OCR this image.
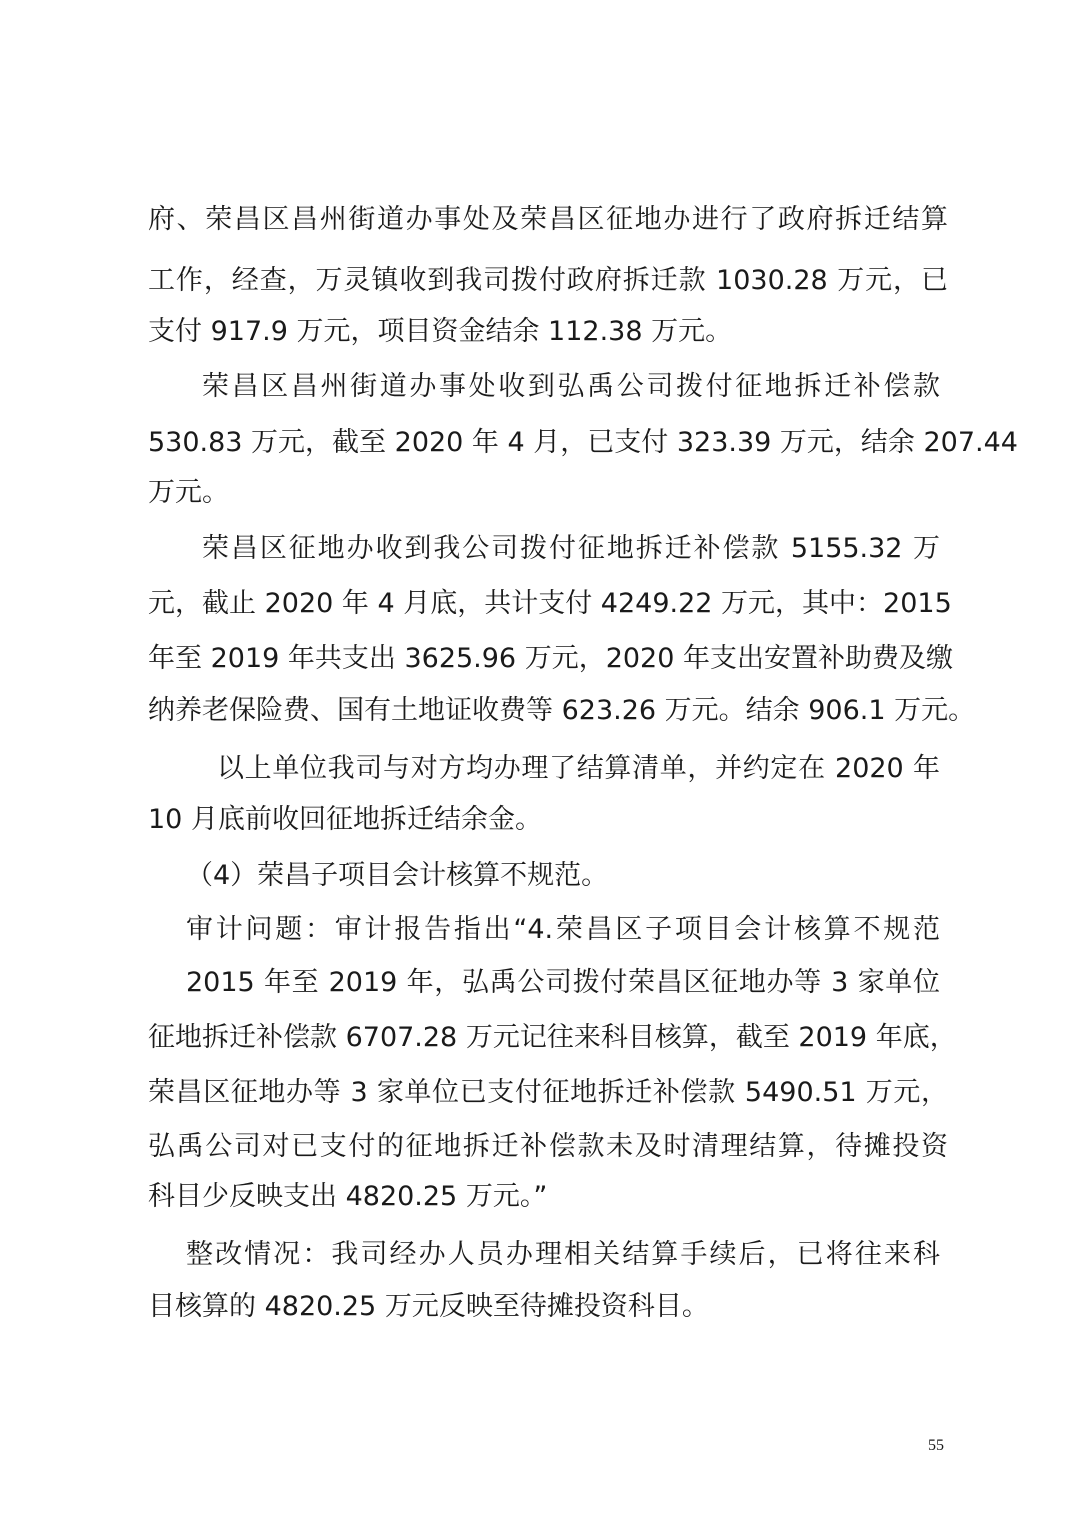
府、荣昌区昌州街道办事处及荣昌区征地办进行了政府拆迁结算
工作，经查，万灵镇收到我司拨付政府拆迁款 1030.28 万元，已
支付 917.9 万元，项目资金结余 112.38 万元。
荣昌区昌州街道办事处收到弘禹公司拨付征地拆迁补偿款
530.83 万元，截至 2020 年 4 月，已支付 323.39 万元，结余 207.44
万元。
荣昌区征地办收到我公司拨付征地拆迁补偿款 5155.32 万
元，截止 2020 年 4 月底，共计支付 4249.22 万元，其中：2015
年至 2019 年共支出 3625.96 万元，2020 年支出安置补助费及缴
纳养老保险费、国有土地证收费等 623.26 万元。结余 906.1 万元。
以上单位我司与对方均办理了结算清单，并约定在 2020 年
10 月底前收回征地拆迁结余金。
（4）荣昌子项目会计核算不规范。
审计问题：审计报告指出“4.荣昌区子项目会计核算不规范
2015 年至 2019 年，弘禹公司拨付荣昌区征地办等 3 家单位
征地拆迁补偿款 6707.28 万元记往来科目核算，截至 2019 年底，
荣昌区征地办等 3 家单位已支付征地拆迁补偿款 5490.51 万元，
弘禹公司对已支付的征地拆迁补偿款未及时清理结算，待摊投资
科目少反映支出 4820.25 万元。”
整改情况：我司经办人员办理相关结算手续后，已将往来科
目核算的 4820.25 万元反映至待摊投资科目。
55
